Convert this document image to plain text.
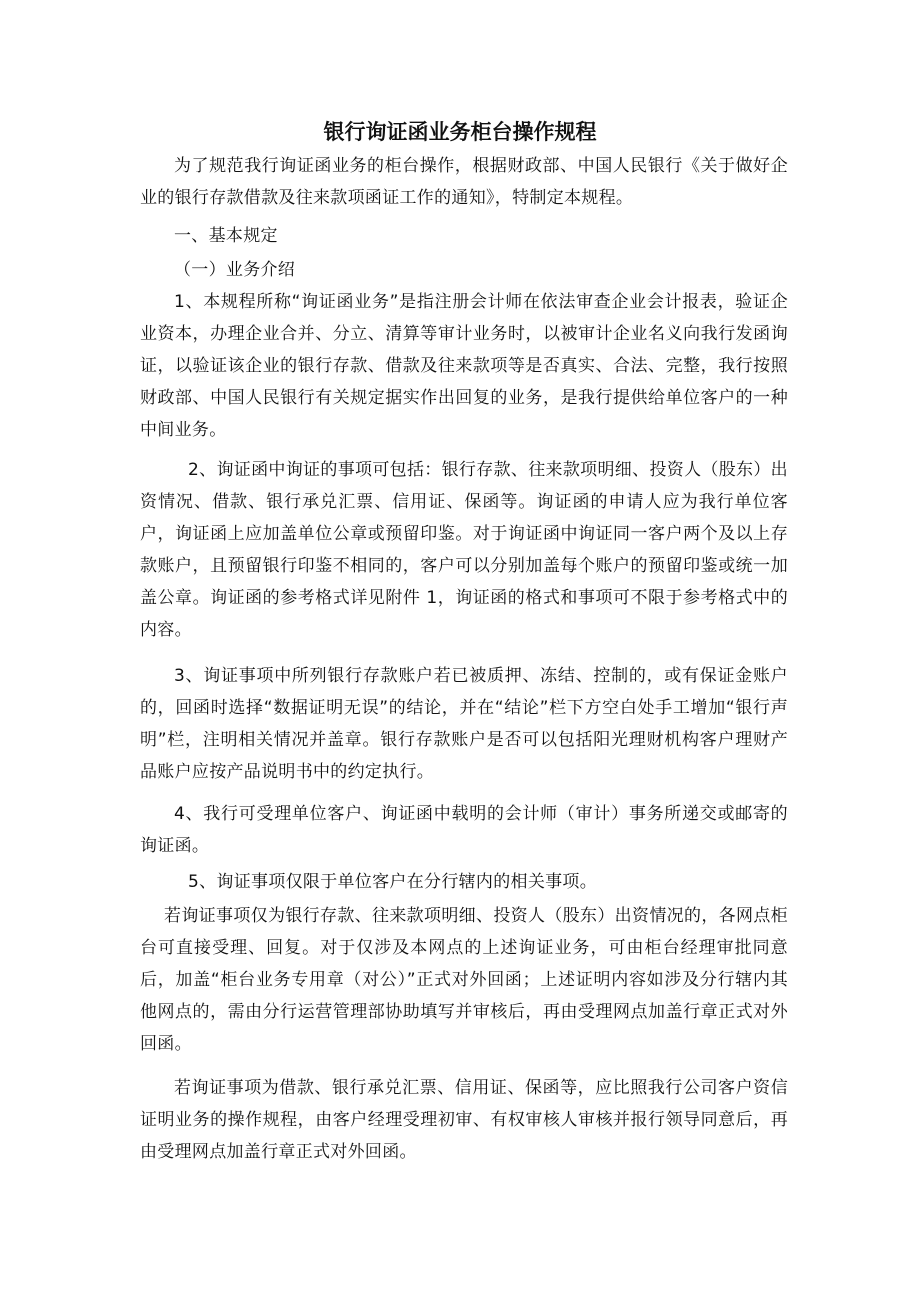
银行询证函业务柜台操作规程

为了规范我行询证函业务的柜台操作，根据财政部、中国人民银行《关于做好企业的银行存款借款及往来款项函证工作的通知》，特制定本规程。

一、基本规定

（一）业务介绍

1、本规程所称“询证函业务”是指注册会计师在依法审查企业会计报表，验证企业资本，办理企业合并、分立、清算等审计业务时，以被审计企业名义向我行发函询证，以验证该企业的银行存款、借款及往来款项等是否真实、合法、完整，我行按照财政部、中国人民银行有关规定据实作出回复的业务，是我行提供给单位客户的一种中间业务。

2、询证函中询证的事项可包括：银行存款、往来款项明细、投资人（股东）出资情况、借款、银行承兑汇票、信用证、保函等。询证函的申请人应为我行单位客户，询证函上应加盖单位公章或预留印鉴。对于询证函中询证同一客户两个及以上存款账户，且预留银行印鉴不相同的，客户可以分别加盖每个账户的预留印鉴或统一加盖公章。询证函的参考格式详见附件 1，询证函的格式和事项可不限于参考格式中的内容。

3、询证事项中所列银行存款账户若已被质押、冻结、控制的，或有保证金账户的，回函时选择“数据证明无误”的结论，并在“结论”栏下方空白处手工增加“银行声明”栏，注明相关情况并盖章。银行存款账户是否可以包括阳光理财机构客户理财产品账户应按产品说明书中的约定执行。

4、我行可受理单位客户、询证函中载明的会计师（审计）事务所递交或邮寄的询证函。

5、询证事项仅限于单位客户在分行辖内的相关事项。

若询证事项仅为银行存款、往来款项明细、投资人（股东）出资情况的，各网点柜台可直接受理、回复。对于仅涉及本网点的上述询证业务，可由柜台经理审批同意后，加盖“柜台业务专用章（对公）”正式对外回函；上述证明内容如涉及分行辖内其他网点的，需由分行运营管理部协助填写并审核后，再由受理网点加盖行章正式对外回函。

若询证事项为借款、银行承兑汇票、信用证、保函等，应比照我行公司客户资信证明业务的操作规程，由客户经理受理初审、有权审核人审核并报行领导同意后，再由受理网点加盖行章正式对外回函。
